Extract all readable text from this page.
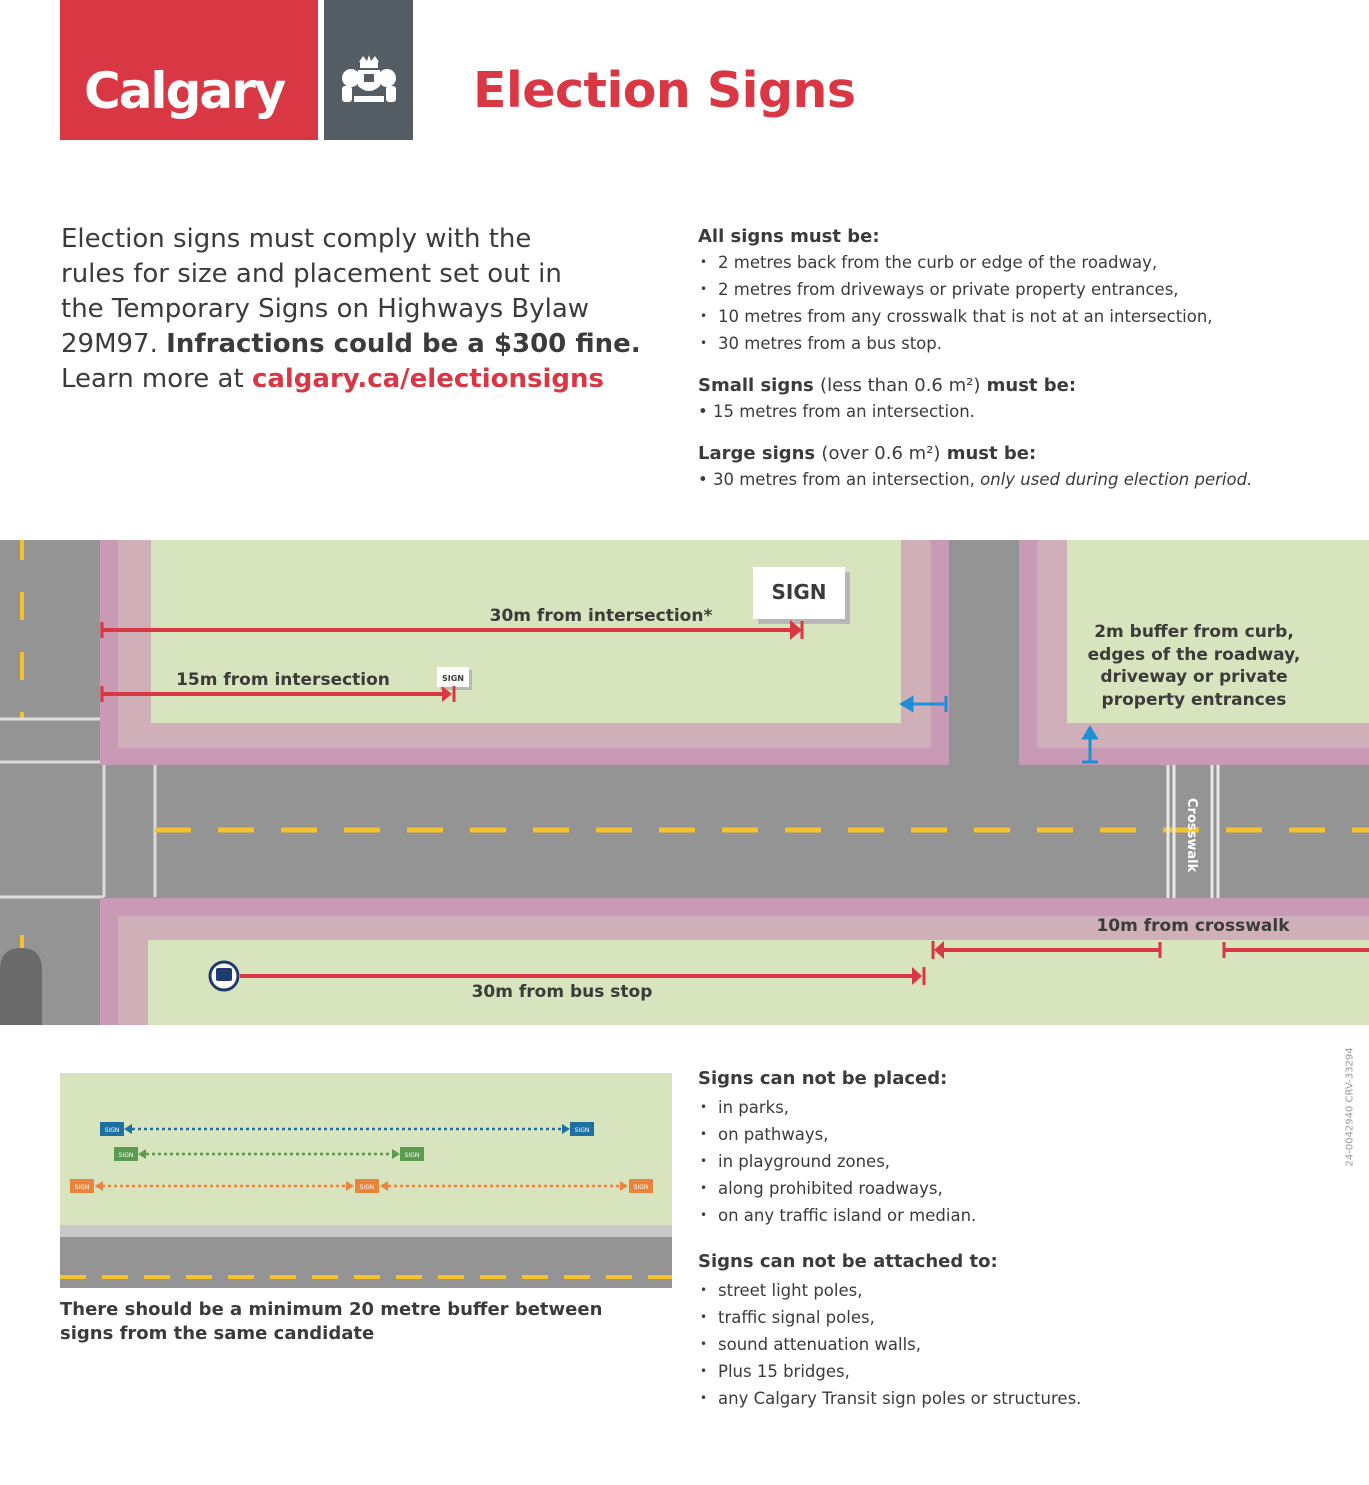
Calgary	Election Signs
Election signs must comply with the
rules for size and placement set out in
the Temporary Signs on Highways Bylaw
29M97. Infractions could be a $300 fine.
Learn more at calgary.ca/electionsigns
All signs must be:
• 2 metres back from the curb or edge of the roadway,
• 2 metres from driveways or private property entrances,
• 10 metres from any crosswalk that is not at an intersection,
• 30 metres from a bus stop.
Small signs (less than 0.6 m²) must be:
• 15 metres from an intersection.
Large signs (over 0.6 m²) must be:
• 30 metres from an intersection, only used during election period.
Crosswalk
SIGN
SIGN
30m from intersection*
15m from intersection
2m buffer from curb,
edges of the roadway,
driveway or private
property entrances
10m from crosswalk
30m from bus stop
SIGN	SIGN
SIGN	SIGN
SIGN	SIGN	SIGN
There should be a minimum 20 metre buffer between
signs from the same candidate
Signs can not be placed:
• in parks,
• on pathways,
• in playground zones,
• along prohibited roadways,
• on any traffic island or median.
Signs can not be attached to:
• street light poles,
• traffic signal poles,
• sound attenuation walls,
• Plus 15 bridges,
• any Calgary Transit sign poles or structures.
24-0042940 CRV-33294
